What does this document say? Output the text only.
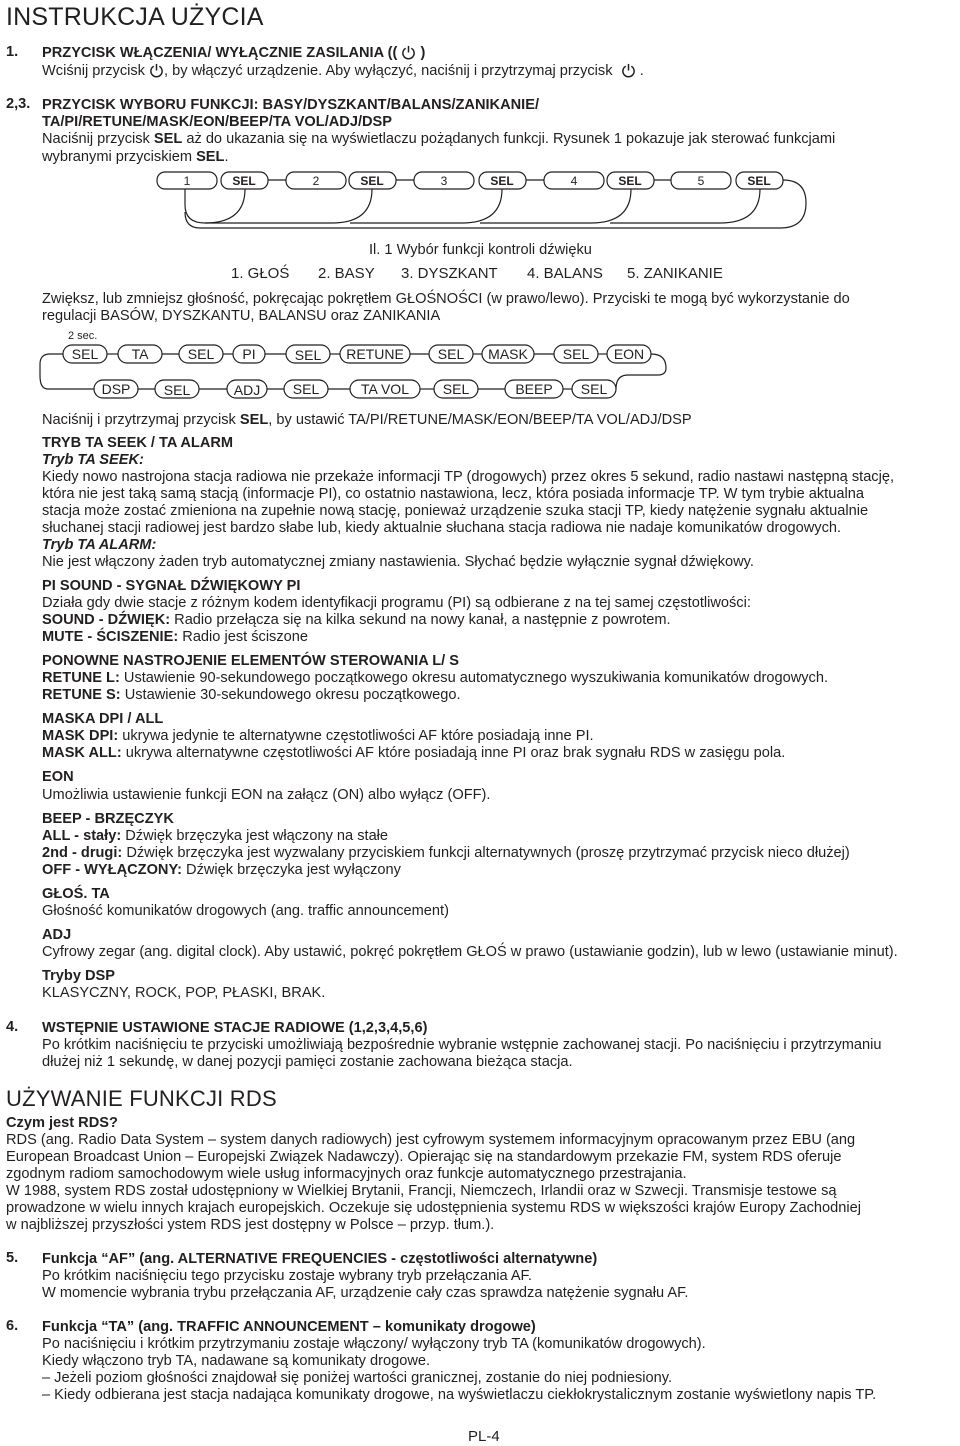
INSTRUKCJA UŻYCIA
1. PRZYCISK WŁĄCZENIA/ WYŁĄCZNIE ZASILANIA (( )
Wciśnij przycisk , by włączyć urządzenie. Aby wyłączyć, naciśnij i przytrzymaj przycisk .
2,3. PRZYCISK WYBORU FUNKCJI: BASY/DYSZKANT/BALANS/ZANIKANIE/
TA/PI/RETUNE/MASK/EON/BEEP/TA VOL/ADJ/DSP
Naciśnij przycisk SEL aż do ukazania się na wyświetlaczu pożądanych funkcji. Rysunek 1 pokazuje jak sterować funkcjami
wybranymi przyciskiem SEL.
1	SEL	2	SEL	3	SEL	4	SEL	5	SEL
Il. 1 Wybór funkcji kontroli dźwięku
1. GŁOŚ 2. BASY 3. DYSZKANT 4. BALANS 5. ZANIKANIE
Zwiększ, lub zmniejsz głośność, pokręcając pokrętłem GŁOŚNOŚCI (w prawo/lewo). Przyciski te mogą być wykorzystanie do
regulacji BASÓW, DYSZKANTU, BALANSU oraz ZANIKANIA
2 sec.
SEL TA	SEL PI	SEL RETUNE SEL MASK SEL EON
DSP SEL	ADJ SEL	TA VOL SEL	BEEP SEL
Naciśnij i przytrzymaj przycisk SEL, by ustawić TA/PI/RETUNE/MASK/EON/BEEP/TA VOL/ADJ/DSP
TRYB TA SEEK / TA ALARM
Tryb TA SEEK:
Kiedy nowo nastrojona stacja radiowa nie przekaże informacji TP (drogowych) przez okres 5 sekund, radio nastawi następną stację,
która nie jest taką samą stacją (informacje PI), co ostatnio nastawiona, lecz, która posiada informacje TP. W tym trybie aktualna
stacja może zostać zmieniona na zupełnie nową stację, ponieważ urządzenie szuka stacji TP, kiedy natężenie sygnału aktualnie
słuchanej stacji radiowej jest bardzo słabe lub, kiedy aktualnie słuchana stacja radiowa nie nadaje komunikatów drogowych.
Tryb TA ALARM:
Nie jest włączony żaden tryb automatycznej zmiany nastawienia. Słychać będzie wyłącznie sygnał dźwiękowy.
PI SOUND - SYGNAŁ DŹWIĘKOWY PI
Działa gdy dwie stacje z różnym kodem identyfikacji programu (PI) są odbierane z na tej samej częstotliwości:
SOUND - DŹWIĘK: Radio przełącza się na kilka sekund na nowy kanał, a następnie z powrotem.
MUTE - ŚCISZENIE: Radio jest ściszone
PONOWNE NASTROJENIE ELEMENTÓW STEROWANIA L/ S
RETUNE L: Ustawienie 90-sekundowego początkowego okresu automatycznego wyszukiwania komunikatów drogowych.
RETUNE S: Ustawienie 30-sekundowego okresu początkowego.
MASKA DPI / ALL
MASK DPI: ukrywa jedynie te alternatywne częstotliwości AF które posiadają inne PI.
MASK ALL: ukrywa alternatywne częstotliwości AF które posiadają inne PI oraz brak sygnału RDS w zasięgu pola.
EON
Umożliwia ustawienie funkcji EON na załącz (ON) albo wyłącz (OFF).
BEEP - BRZĘCZYK
ALL - stały: Dźwięk brzęczyka jest włączony na stałe
2nd - drugi: Dźwięk brzęczyka jest wyzwalany przyciskiem funkcji alternatywnych (proszę przytrzymać przycisk nieco dłużej)
OFF - WYŁĄCZONY: Dźwięk brzęczyka jest wyłączony
GŁOŚ. TA
Głośność komunikatów drogowych (ang. traffic announcement)
ADJ
Cyfrowy zegar (ang. digital clock). Aby ustawić, pokręć pokrętłem GŁOŚ w prawo (ustawianie godzin), lub w lewo (ustawianie minut).
Tryby DSP
KLASYCZNY, ROCK, POP, PŁASKI, BRAK.
4. WSTĘPNIE USTAWIONE STACJE RADIOWE (1,2,3,4,5,6)
Po krótkim naciśnięciu te przyciski umożliwiają bezpośrednie wybranie wstępnie zachowanej stacji. Po naciśnięciu i przytrzymaniu
dłużej niż 1 sekundę, w danej pozycji pamięci zostanie zachowana bieżąca stacja.
UŻYWANIE FUNKCJI RDS
Czym jest RDS?
RDS (ang. Radio Data System – system danych radiowych) jest cyfrowym systemem informacyjnym opracowanym przez EBU (ang
European Broadcast Union – Europejski Związek Nadawczy). Opierając się na standardowym przekazie FM, system RDS oferuje
zgodnym radiom samochodowym wiele usług informacyjnych oraz funkcje automatycznego przestrajania.
W 1988, system RDS został udostępniony w Wielkiej Brytanii, Francji, Niemczech, Irlandii oraz w Szwecji. Transmisje testowe są
prowadzone w wielu innych krajach europejskich. Oczekuje się udostępnienia systemu RDS w większości krajów Europy Zachodniej
w najbliższej przyszłości ystem RDS jest dostępny w Polsce – przyp. tłum.).
5. Funkcja “AF” (ang. ALTERNATIVE FREQUENCIES - częstotliwości alternatywne)
Po krótkim naciśnięciu tego przycisku zostaje wybrany tryb przełączania AF.
W momencie wybrania trybu przełączania AF, urządzenie cały czas sprawdza natężenie sygnału AF.
6. Funkcja “TA” (ang. TRAFFIC ANNOUNCEMENT – komunikaty drogowe)
Po naciśnięciu i krótkim przytrzymaniu zostaje włączony/ wyłączony tryb TA (komunikatów drogowych).
Kiedy włączono tryb TA, nadawane są komunikaty drogowe.
– Jeżeli poziom głośności znajdował się poniżej wartości granicznej, zostanie do niej podniesiony.
– Kiedy odbierana jest stacja nadająca komunikaty drogowe, na wyświetlaczu ciekłokrystalicznym zostanie wyświetlony napis TP.
PL-4
